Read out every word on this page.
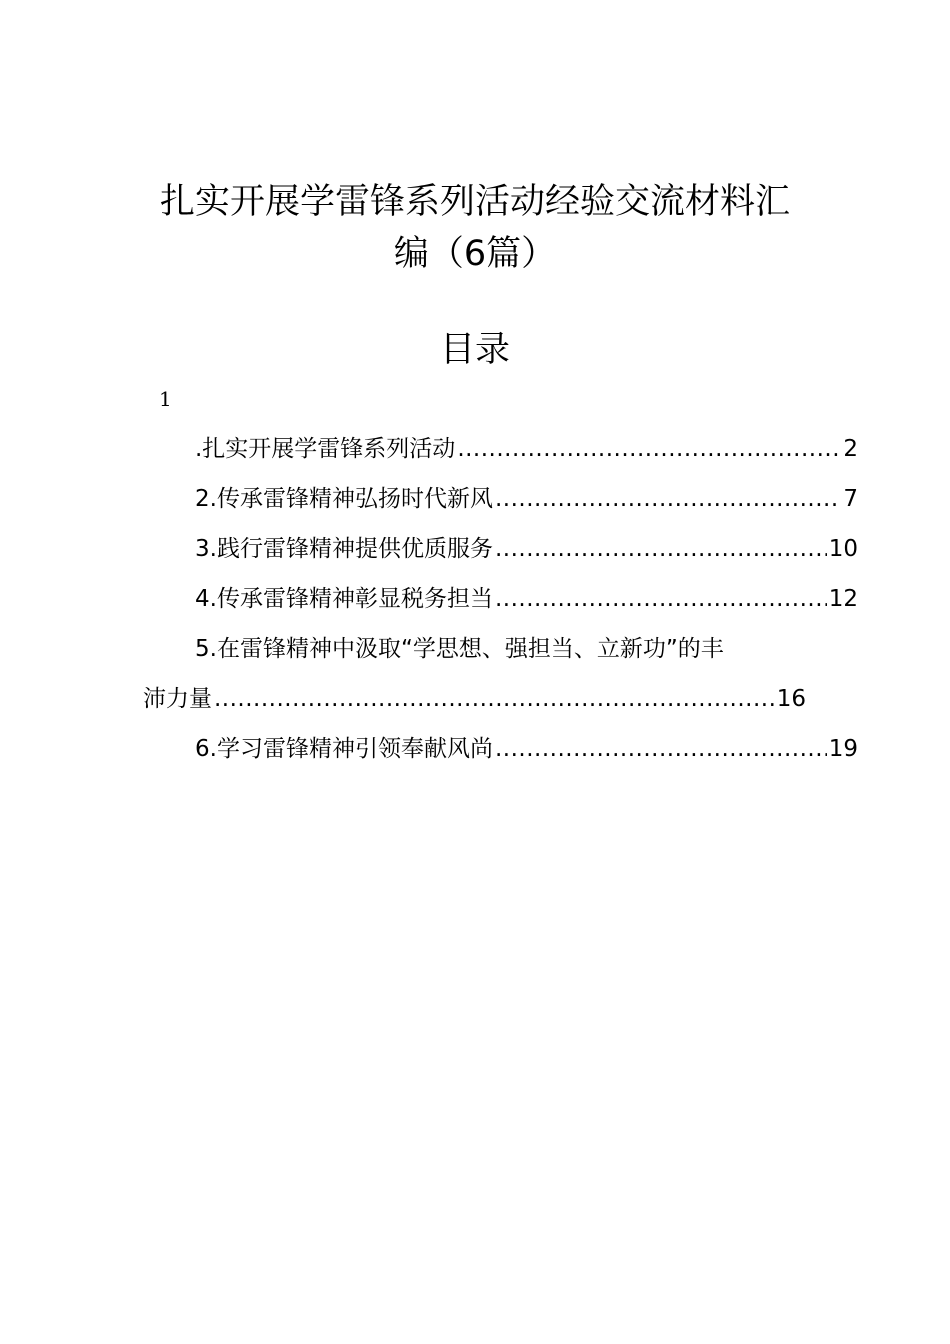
扎实开展学雷锋系列活动经验交流材料汇
编（6篇）
目录
1
.扎实开展学雷锋系列活动 .....	2
2.传承雷锋精神弘扬时代新风 .....	7
3.践行雷锋精神提供优质服务 .....	10
4.传承雷锋精神彰显税务担当 .....	12
5.在雷锋精神中汲取“学思想、强担当、立新功”的丰
沛力量 .....	16
6.学习雷锋精神引领奉献风尚 .....	19
